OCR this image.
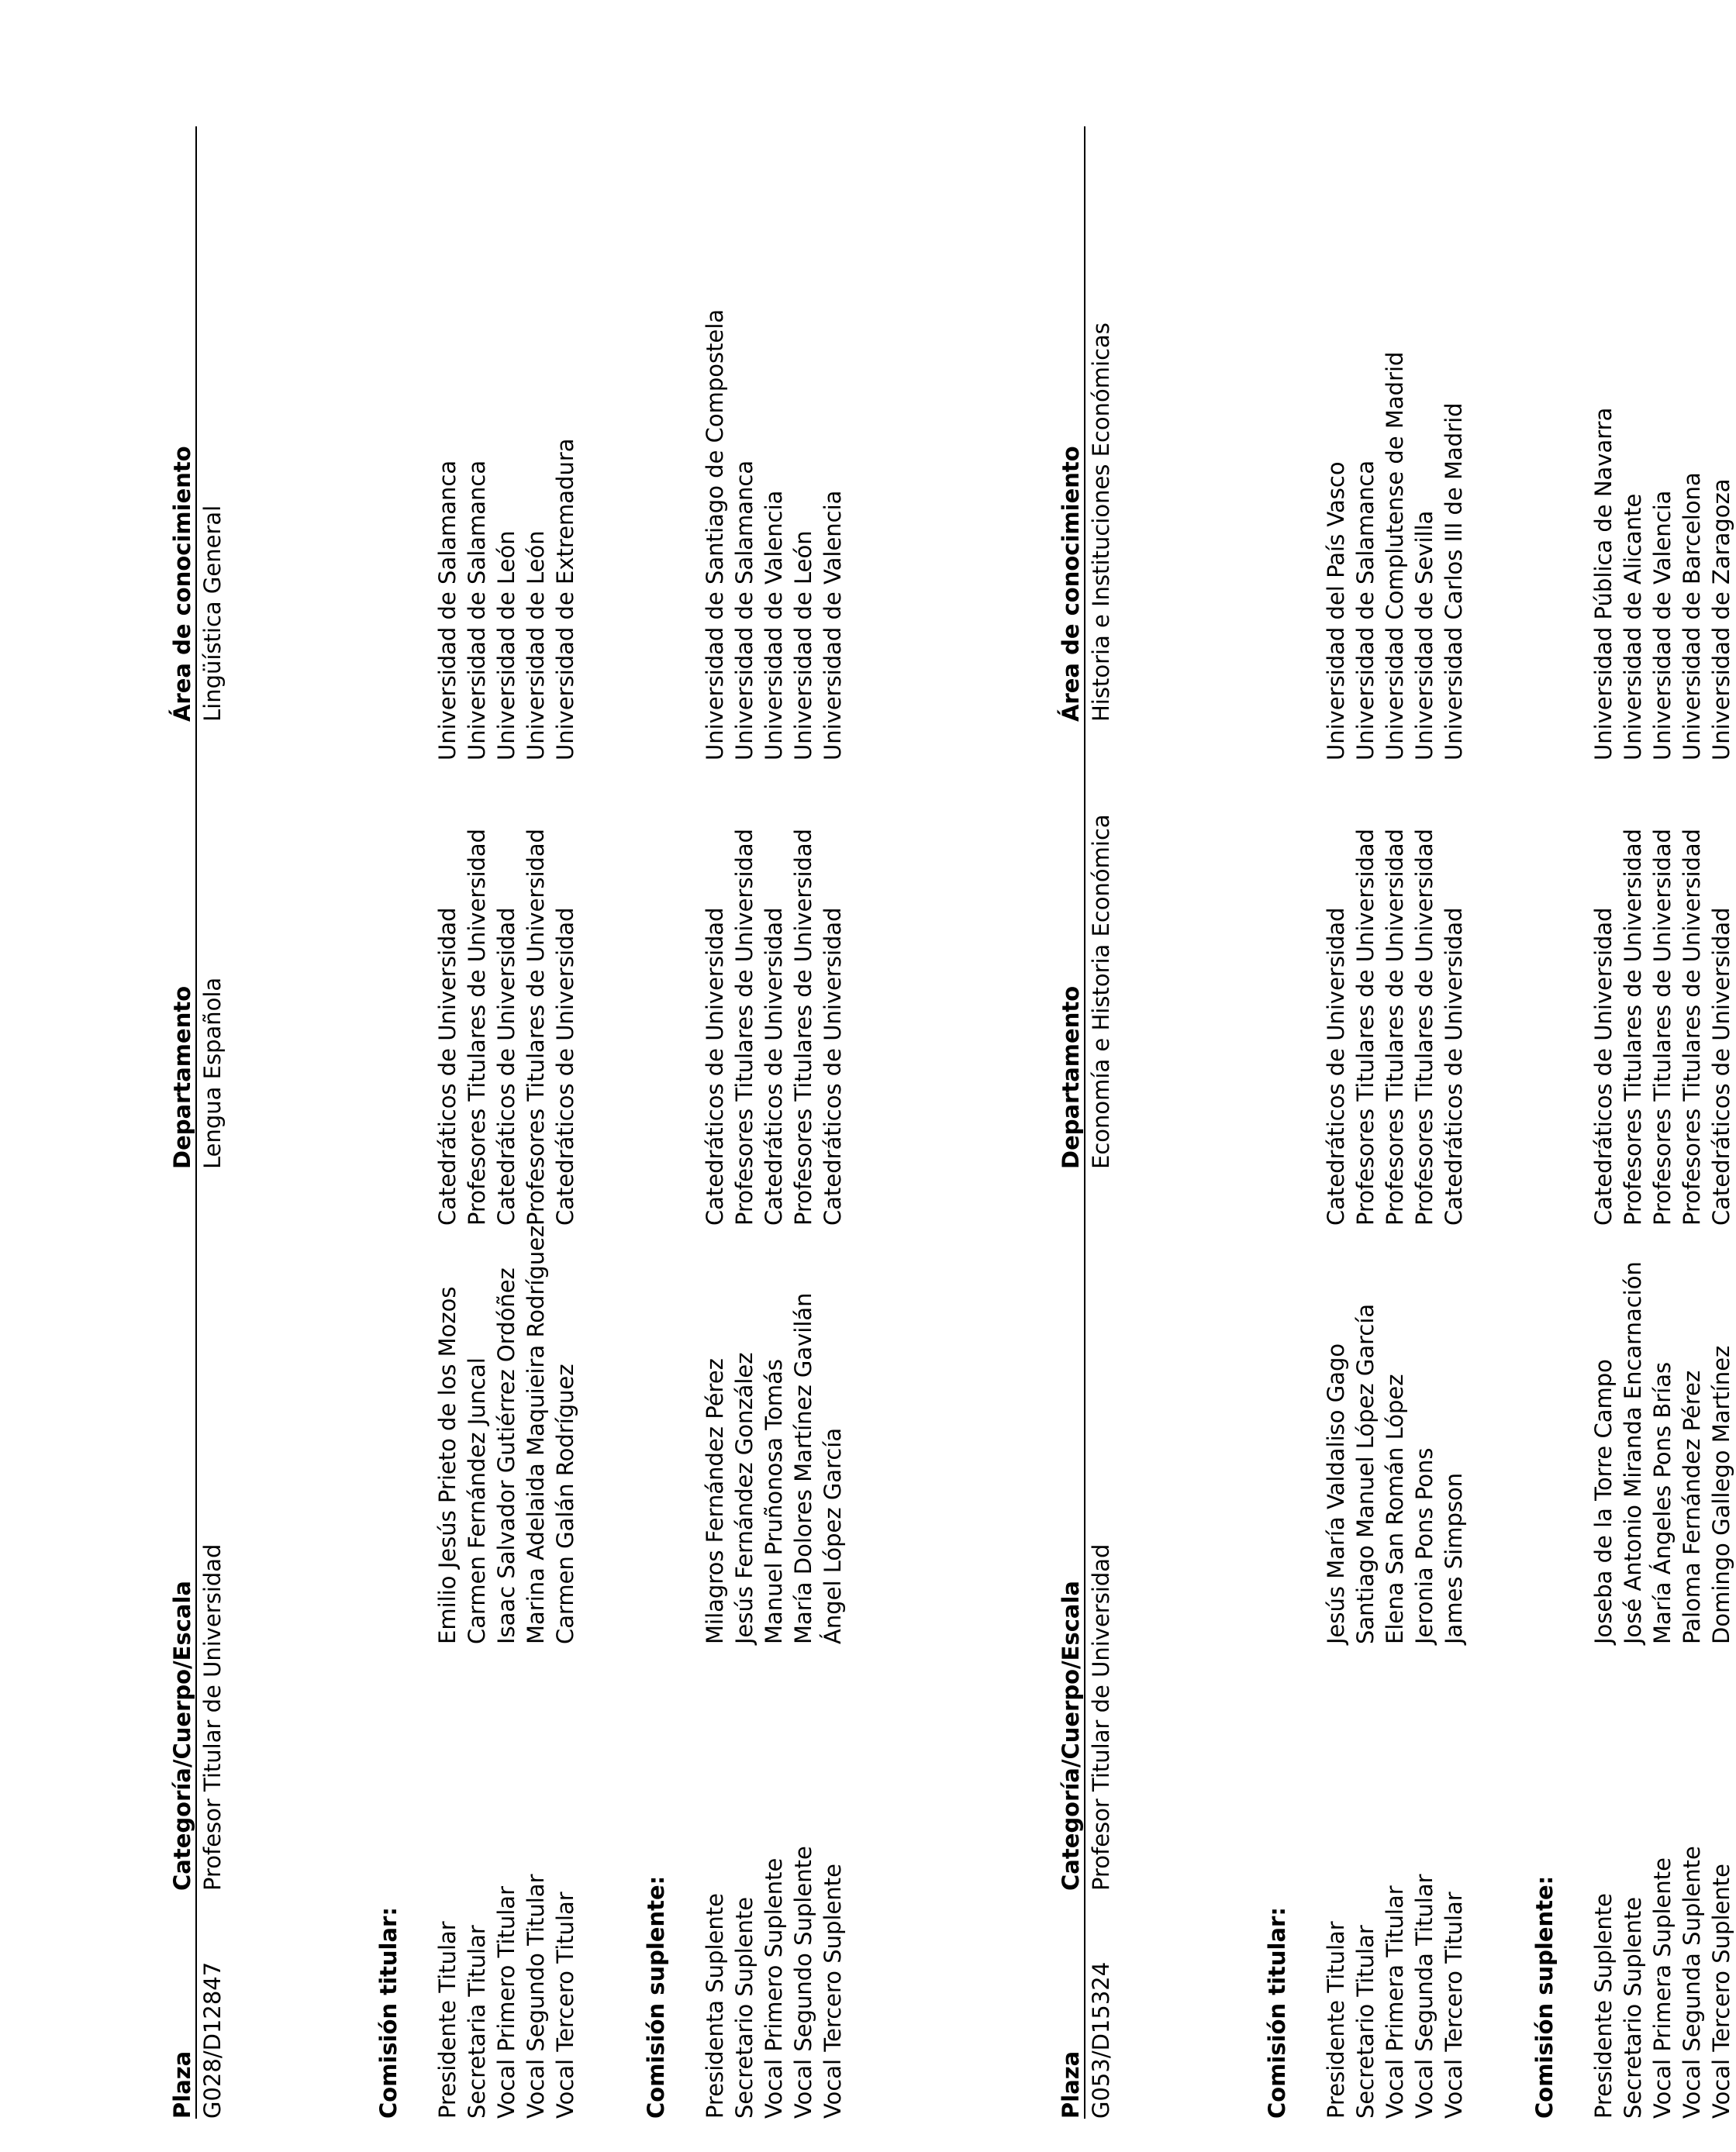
Plaza
Categoría/Cuerpo/Escala
Departamento
Área de conocimiento
G028/D12847
Profesor Titular de Universidad
Lengua Española
Lingüística General
Comisión titular: Presidente Titular
Emilio Jesús Prieto de los Mozos
Catedráticos de Universidad
Universidad de Salamanca
Secretaria Titular
Carmen Fernández Juncal
Profesores Titulares de Universidad
Universidad de Salamanca
Vocal Primero Titular
Isaac Salvador Gutiérrez Ordóñez
Catedráticos de Universidad
Universidad de León
Vocal Segundo Titular
Marina Adelaida Maquieira Rodríguez
Profesores Titulares de Universidad
Universidad de León
Vocal Tercero Titular
Carmen Galán Rodríguez
Catedráticos de Universidad
Universidad de Extremadura
Comisión suplente: Presidenta Suplente
Milagros Fernández Pérez
Catedráticos de Universidad
Universidad de Santiago de Compostela
Secretario Suplente
Jesús Fernández González
Profesores Titulares de Universidad
Universidad de Salamanca
Vocal Primero Suplente
Manuel Pruñonosa Tomás
Catedráticos de Universidad
Universidad de Valencia
Vocal Segundo Suplente
María Dolores Martínez Gavilán
Profesores Titulares de Universidad
Universidad de León
Vocal Tercero Suplente
Ángel López García
Catedráticos de Universidad
Universidad de Valencia
Plaza
Categoría/Cuerpo/Escala
Departamento
Área de conocimiento
G053/D15324
Profesor Titular de Universidad
Economía e Historia Económica
Historia e Instituciones Económicas
Comisión titular: Presidente Titular
Jesús María Valdaliso Gago
Catedráticos de Universidad
Universidad del País Vasco
Secretario Titular
Santiago Manuel López García
Profesores Titulares de Universidad
Universidad de Salamanca
Vocal Primera Titular
Elena San Román López
Profesores Titulares de Universidad
Universidad Complutense de Madrid
Vocal Segunda Titular
Jeronia Pons Pons
Profesores Titulares de Universidad
Universidad de Sevilla
Vocal Tercero Titular
James Simpson
Catedráticos de Universidad
Universidad Carlos III de Madrid
Comisión suplente: Presidente Suplente
Joseba de la Torre Campo
Catedráticos de Universidad
Universidad Pública de Navarra
Secretario Suplente
José Antonio Miranda Encarnación
Profesores Titulares de Universidad
Universidad de Alicante
Vocal Primera Suplente
María Ángeles Pons Brías
Profesores Titulares de Universidad
Universidad de Valencia
Vocal Segunda Suplente
Paloma Fernández Pérez
Profesores Titulares de Universidad
Universidad de Barcelona
Vocal Tercero Suplente
Domingo Gallego Martínez
Catedráticos de Universidad
Universidad de Zaragoza
